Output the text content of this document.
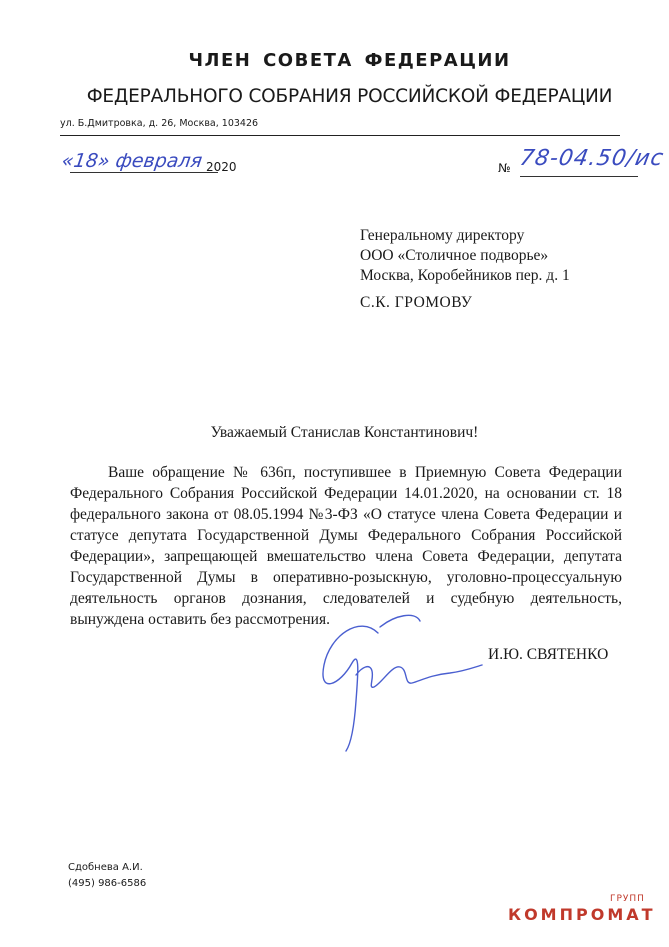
ЧЛЕН СОВЕТА ФЕДЕРАЦИИ
ФЕДЕРАЛЬНОГО СОБРАНИЯ РОССИЙСКОЙ ФЕДЕРАЦИИ
ул. Б.Дмитровка, д. 26, Москва, 103426
«18» февраля 2020	№ 78-04.50/ис
Генеральному директору
ООО «Столичное подворье»
Москва, Коробейников пер. д. 1
С.К. ГРОМОВУ
Уважаемый Станислав Константинович!

Ваше обращение № 636п, поступившее в Приемную Совета Федерации Федерального Собрания Российской Федерации 14.01.2020, на основании ст. 18 федерального закона от 08.05.1994 №3-ФЗ «О статусе члена Совета Федерации и статусе депутата Государственной Думы Федерального Собрания Российской Федерации», запрещающей вмешательство члена Совета Федерации, депутата Государственной Думы в оперативно-розыскную, уголовно-процессуальную деятельность органов дознания, следователей и судебную деятельность, вынуждена оставить без рассмотрения.

И.Ю. СВЯТЕНКО
Сдобнева А.И.
(495) 986-6586
ГРУПП
КОМПРОМАТ
